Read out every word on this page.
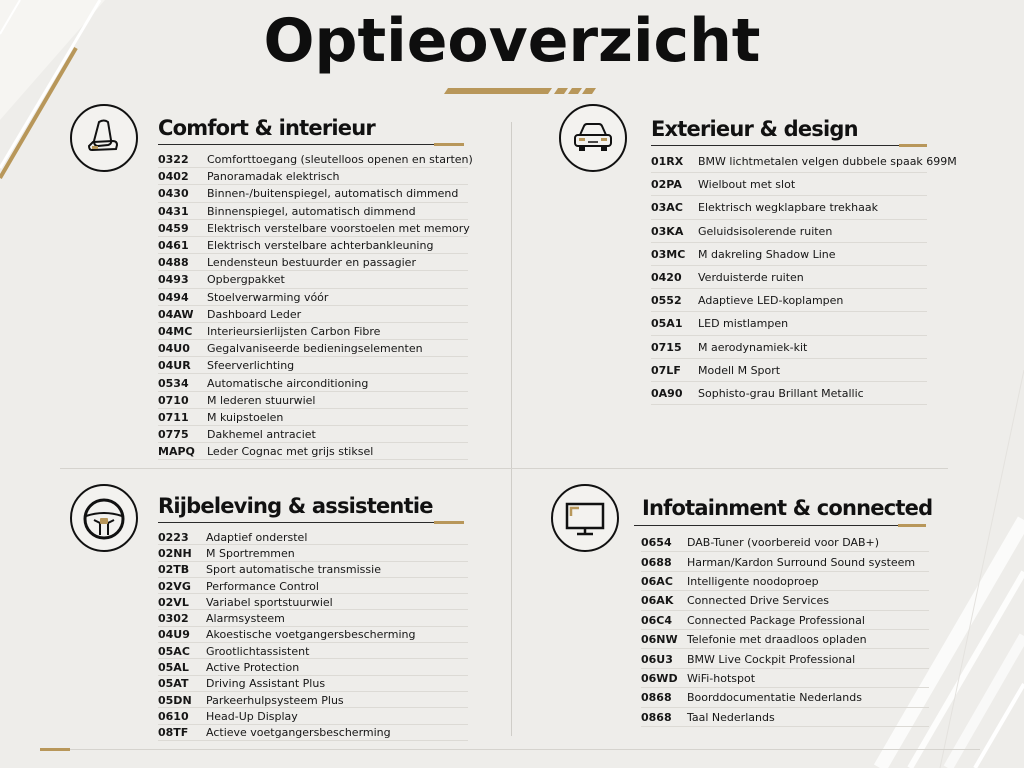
Optieoverzicht
Comfort & interieur
0322	Comforttoegang (sleutelloos openen en starten)
0402	Panoramadak elektrisch
0430	Binnen-/buitenspiegel, automatisch dimmend
0431	Binnenspiegel, automatisch dimmend
0459	Elektrisch verstelbare voorstoelen met memory
0461	Elektrisch verstelbare achterbankleuning
0488	Lendensteun bestuurder en passagier
0493	Opbergpakket
0494	Stoelverwarming vóór
04AW	Dashboard Leder
04MC	Interieursierlijsten Carbon Fibre
04U0	Gegalvaniseerde bedieningselementen
04UR	Sfeerverlichting
0534	Automatische airconditioning
0710	M lederen stuurwiel
0711	M kuipstoelen
0775	Dakhemel antraciet
MAPQ	Leder Cognac met grijs stiksel
Exterieur & design
01RX	BMW lichtmetalen velgen dubbele spaak 699M
02PA	Wielbout met slot
03AC	Elektrisch wegklapbare trekhaak
03KA	Geluidsisolerende ruiten
03MC	M dakreling Shadow Line
0420	Verduisterde ruiten
0552	Adaptieve LED-koplampen
05A1	LED mistlampen
0715	M aerodynamiek-kit
07LF	Modell M Sport
0A90	Sophisto-grau Brillant Metallic
Rijbeleving & assistentie
0223	Adaptief onderstel
02NH	M Sportremmen
02TB	Sport automatische transmissie
02VG	Performance Control
02VL	Variabel sportstuurwiel
0302	Alarmsysteem
04U9	Akoestische voetgangersbescherming
05AC	Grootlichtassistent
05AL	Active Protection
05AT	Driving Assistant Plus
05DN	Parkeerhulpsysteem Plus
0610	Head-Up Display
08TF	Actieve voetgangersbescherming
Infotainment & connected
0654	DAB-Tuner (voorbereid voor DAB+)
0688	Harman/Kardon Surround Sound systeem
06AC	Intelligente noodoproep
06AK	Connected Drive Services
06C4	Connected Package Professional
06NW Telefonie met draadloos opladen
06U3	BMW Live Cockpit Professional
06WD WiFi-hotspot
0868	Boorddocumentatie Nederlands
0868	Taal Nederlands
